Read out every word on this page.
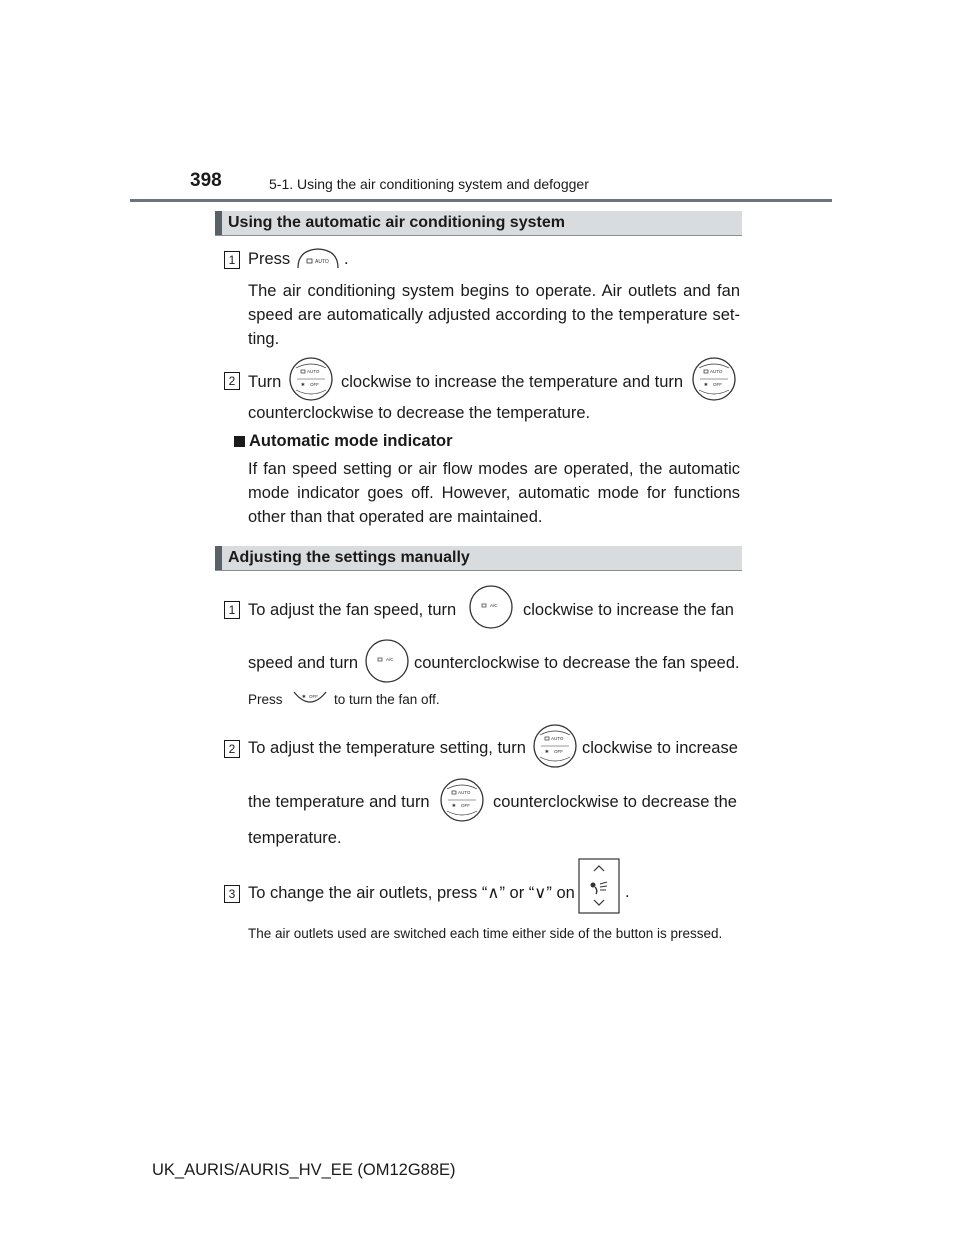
398	5-1. Using the air conditioning system and defogger
Using the automatic air conditioning system
1 Press	AUTO .
The air conditioning system begins to operate. Air outlets and fan speed are automatically adjusted according to the temperature set-ting.
2 Turn
AUTO
✱ OFF clockwise to increase the temperature and turn
AUTO
✱ OFF
counterclockwise to decrease the temperature.
Automatic mode indicator
If fan speed setting or air flow modes are operated, the automatic mode indicator goes off. However, automatic mode for functions other than that operated are maintained.
Adjusting the settings manually
1 To adjust the fan speed, turn	A/C clockwise to increase the fan
speed and turn	A/C counterclockwise to decrease the fan speed.
Press	✱ OFF to turn the fan off.
2 To adjust the temperature setting, turn
AUTO
✱ OFF clockwise to increase
the temperature and turn
AUTO
✱ OFF counterclockwise to decrease the
temperature.
3 To change the air outlets, press “∧” or “∨” on	.
The air outlets used are switched each time either side of the button is pressed.
UK_AURIS/AURIS_HV_EE (OM12G88E)
